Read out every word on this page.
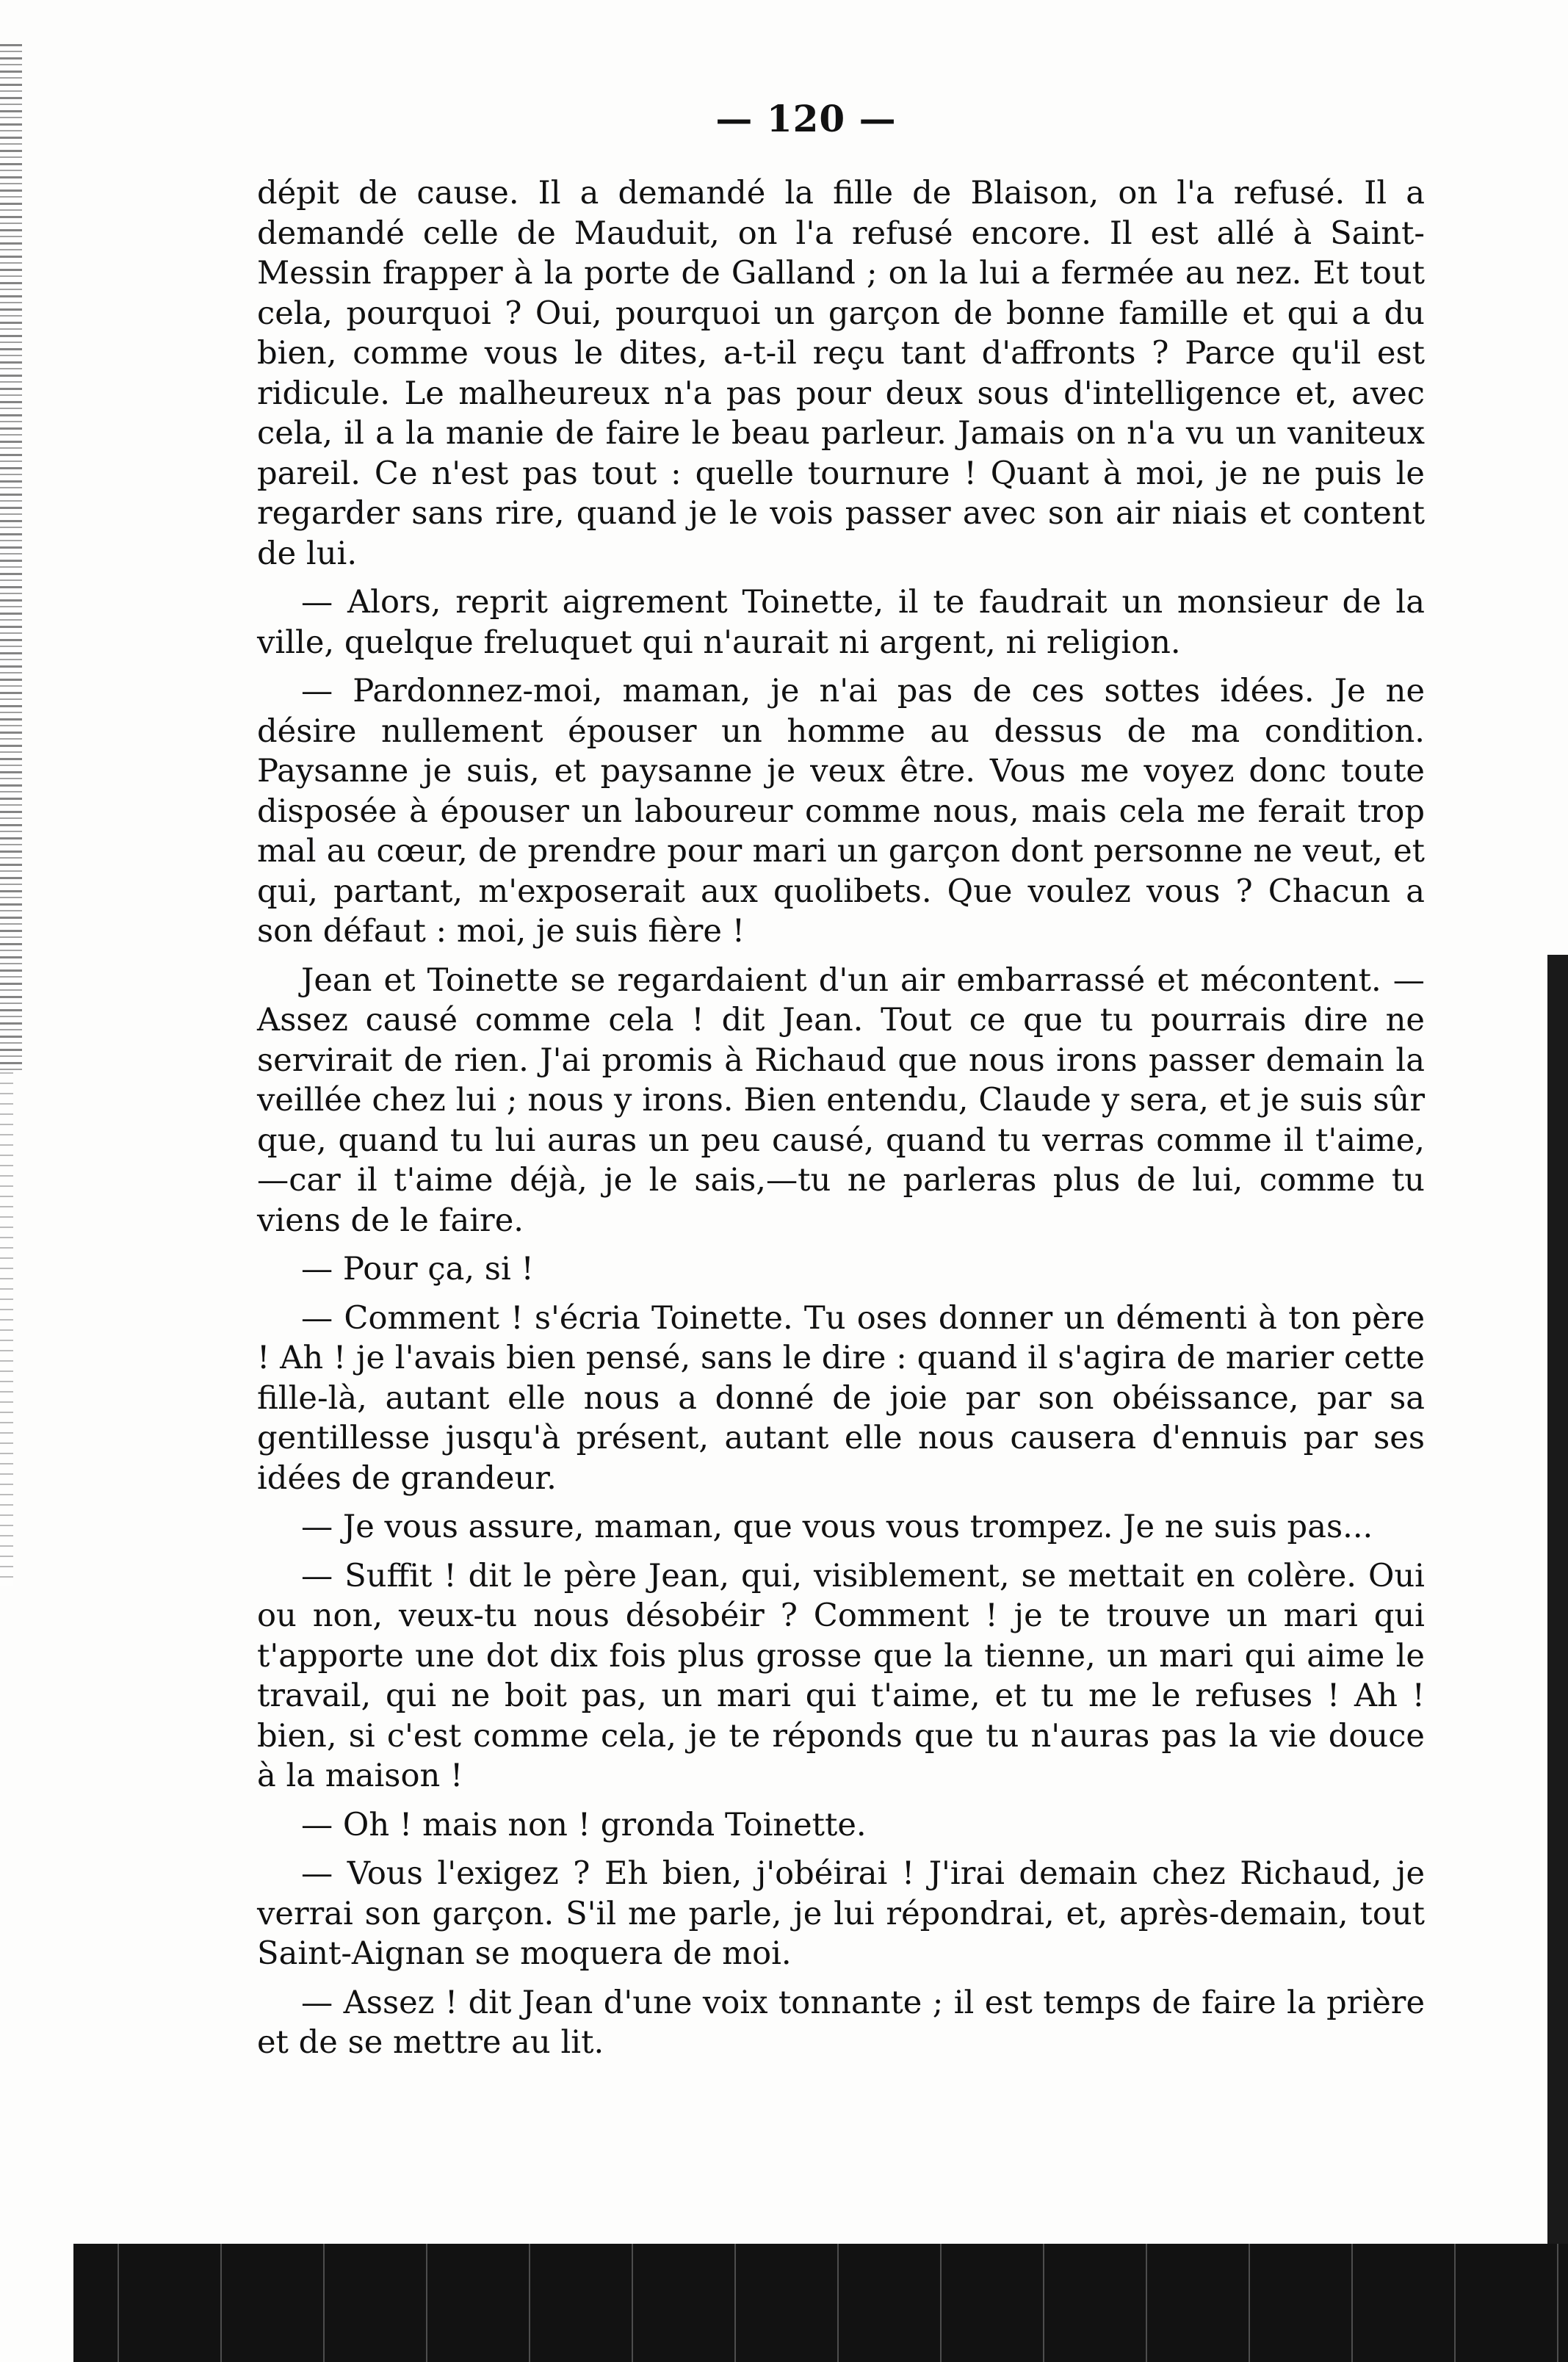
— 120 —

dépit de cause. Il a demandé la fille de Blaison, on l'a refusé. Il a demandé celle de Mauduit, on l'a refusé encore. Il est allé à Saint-Messin frapper à la porte de Galland ; on la lui a fermée au nez. Et tout cela, pourquoi ? Oui, pourquoi un garçon de bonne famille et qui a du bien, comme vous le dites, a-t-il reçu tant d'affronts ? Parce qu'il est ridicule. Le malheureux n'a pas pour deux sous d'intelligence et, avec cela, il a la manie de faire le beau parleur. Jamais on n'a vu un vaniteux pareil. Ce n'est pas tout : quelle tournure ! Quant à moi, je ne puis le regarder sans rire, quand je le vois passer avec son air niais et content de lui.

— Alors, reprit aigrement Toinette, il te faudrait un monsieur de la ville, quelque freluquet qui n'aurait ni argent, ni religion.

— Pardonnez-moi, maman, je n'ai pas de ces sottes idées. Je ne désire nullement épouser un homme au dessus de ma condition. Paysanne je suis, et paysanne je veux être. Vous me voyez donc toute disposée à épouser un laboureur comme nous, mais cela me ferait trop mal au cœur, de prendre pour mari un garçon dont personne ne veut, et qui, partant, m'exposerait aux quolibets. Que voulez vous ? Chacun a son défaut : moi, je suis fière !

Jean et Toinette se regardaient d'un air embarrassé et mécontent. — Assez causé comme cela ! dit Jean. Tout ce que tu pourrais dire ne servirait de rien. J'ai promis à Richaud que nous irons passer demain la veillée chez lui ; nous y irons. Bien entendu, Claude y sera, et je suis sûr que, quand tu lui auras un peu causé, quand tu verras comme il t'aime,—car il t'aime déjà, je le sais,—tu ne parleras plus de lui, comme tu viens de le faire.

— Pour ça, si !

— Comment ! s'écria Toinette. Tu oses donner un démenti à ton père ! Ah ! je l'avais bien pensé, sans le dire : quand il s'agira de marier cette fille-là, autant elle nous a donné de joie par son obéissance, par sa gentillesse jusqu'à présent, autant elle nous causera d'ennuis par ses idées de grandeur.

— Je vous assure, maman, que vous vous trompez. Je ne suis pas...

— Suffit ! dit le père Jean, qui, visiblement, se mettait en colère. Oui ou non, veux-tu nous désobéir ? Comment ! je te trouve un mari qui t'apporte une dot dix fois plus grosse que la tienne, un mari qui aime le travail, qui ne boit pas, un mari qui t'aime, et tu me le refuses ! Ah ! bien, si c'est comme cela, je te réponds que tu n'auras pas la vie douce à la maison !

— Oh ! mais non ! gronda Toinette.

— Vous l'exigez ? Eh bien, j'obéirai ! J'irai demain chez Richaud, je verrai son garçon. S'il me parle, je lui répondrai, et, après-demain, tout Saint-Aignan se moquera de moi.

— Assez ! dit Jean d'une voix tonnante ; il est temps de faire la prière et de se mettre au lit.
